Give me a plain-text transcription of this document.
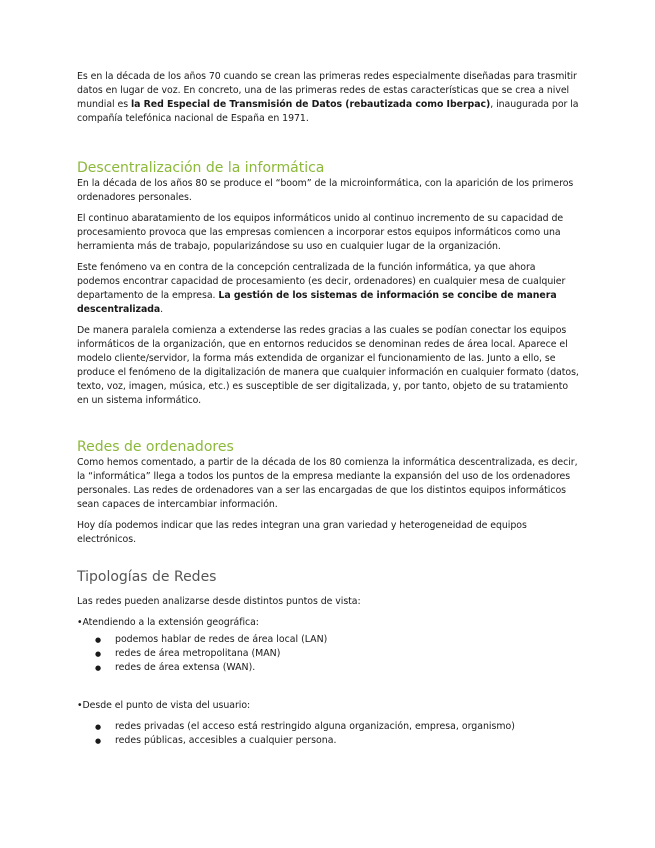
Es en la década de los años 70 cuando se crean las primeras redes especialmente diseñadas para trasmitir datos en lugar de voz. En concreto, una de las primeras redes de estas características que se crea a nivel mundial es la Red Especial de Transmisión de Datos (rebautizada como Iberpac), inaugurada por la compañía telefónica nacional de España en 1971.

Descentralización de la informática

En la década de los años 80 se produce el “boom” de la microinformática, con la aparición de los primeros ordenadores personales.

El continuo abaratamiento de los equipos informáticos unido al continuo incremento de su capacidad de procesamiento provoca que las empresas comiencen a incorporar estos equipos informáticos como una herramienta más de trabajo, popularizándose su uso en cualquier lugar de la organización.

Este fenómeno va en contra de la concepción centralizada de la función informática, ya que ahora podemos encontrar capacidad de procesamiento (es decir, ordenadores) en cualquier mesa de cualquier departamento de la empresa. La gestión de los sistemas de información se concibe de manera descentralizada.

De manera paralela comienza a extenderse las redes gracias a las cuales se podían conectar los equipos informáticos de la organización, que en entornos reducidos se denominan redes de área local. Aparece el modelo cliente/servidor, la forma más extendida de organizar el funcionamiento de las. Junto a ello, se produce el fenómeno de la digitalización de manera que cualquier información en cualquier formato (datos, texto, voz, imagen, música, etc.) es susceptible de ser digitalizada, y, por tanto, objeto de su tratamiento en un sistema informático.

Redes de ordenadores

Como hemos comentado, a partir de la década de los 80 comienza la informática descentralizada, es decir, la “informática” llega a todos los puntos de la empresa mediante la expansión del uso de los ordenadores personales. Las redes de ordenadores van a ser las encargadas de que los distintos equipos informáticos sean capaces de intercambiar información.

Hoy día podemos indicar que las redes integran una gran variedad y heterogeneidad de equipos electrónicos.

Tipologías de Redes

Las redes pueden analizarse desde distintos puntos de vista:

•Atendiendo a la extensión geográfica:

● podemos hablar de redes de área local (LAN)
● redes de área metropolitana (MAN)
● redes de área extensa (WAN).

•Desde el punto de vista del usuario:

● redes privadas (el acceso está restringido alguna organización, empresa, organismo)
● redes públicas, accesibles a cualquier persona.
